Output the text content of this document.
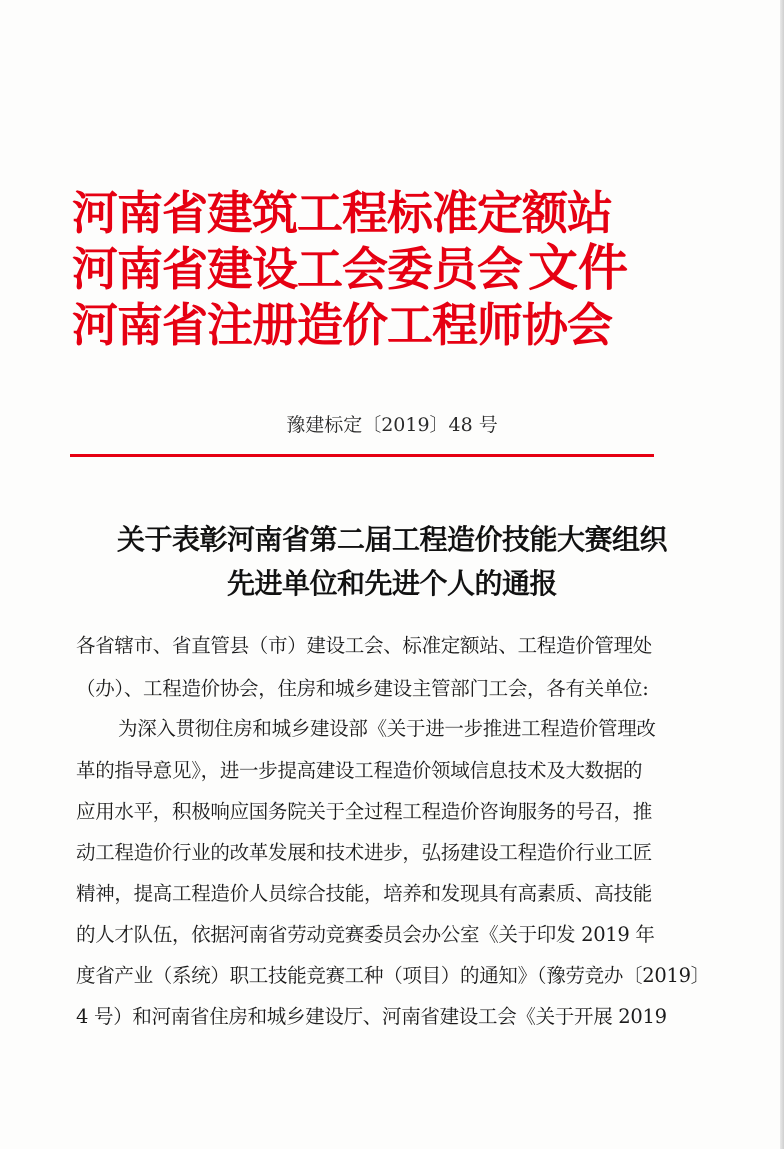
河南省建筑工程标准定额站
河南省建设工会委员会
河南省注册造价工程师协会
文件
豫建标定〔2019〕48 号
关于表彰河南省第二届工程造价技能大赛组织
先进单位和先进个人的通报
各省辖市、省直管县（市）建设工会、标准定额站、工程造价管理处
（办）、工程造价协会，住房和城乡建设主管部门工会，各有关单位:
为深入贯彻住房和城乡建设部《关于进一步推进工程造价管理改
革的指导意见》，进一步提高建设工程造价领域信息技术及大数据的
应用水平，积极响应国务院关于全过程工程造价咨询服务的号召，推
动工程造价行业的改革发展和技术进步，弘扬建设工程造价行业工匠
精神，提高工程造价人员综合技能，培养和发现具有高素质、高技能
的人才队伍，依据河南省劳动竞赛委员会办公室《关于印发 2019 年
度省产业（系统）职工技能竞赛工种（项目）的通知》（豫劳竞办〔2019〕
4 号）和河南省住房和城乡建设厅、河南省建设工会《关于开展 2019
